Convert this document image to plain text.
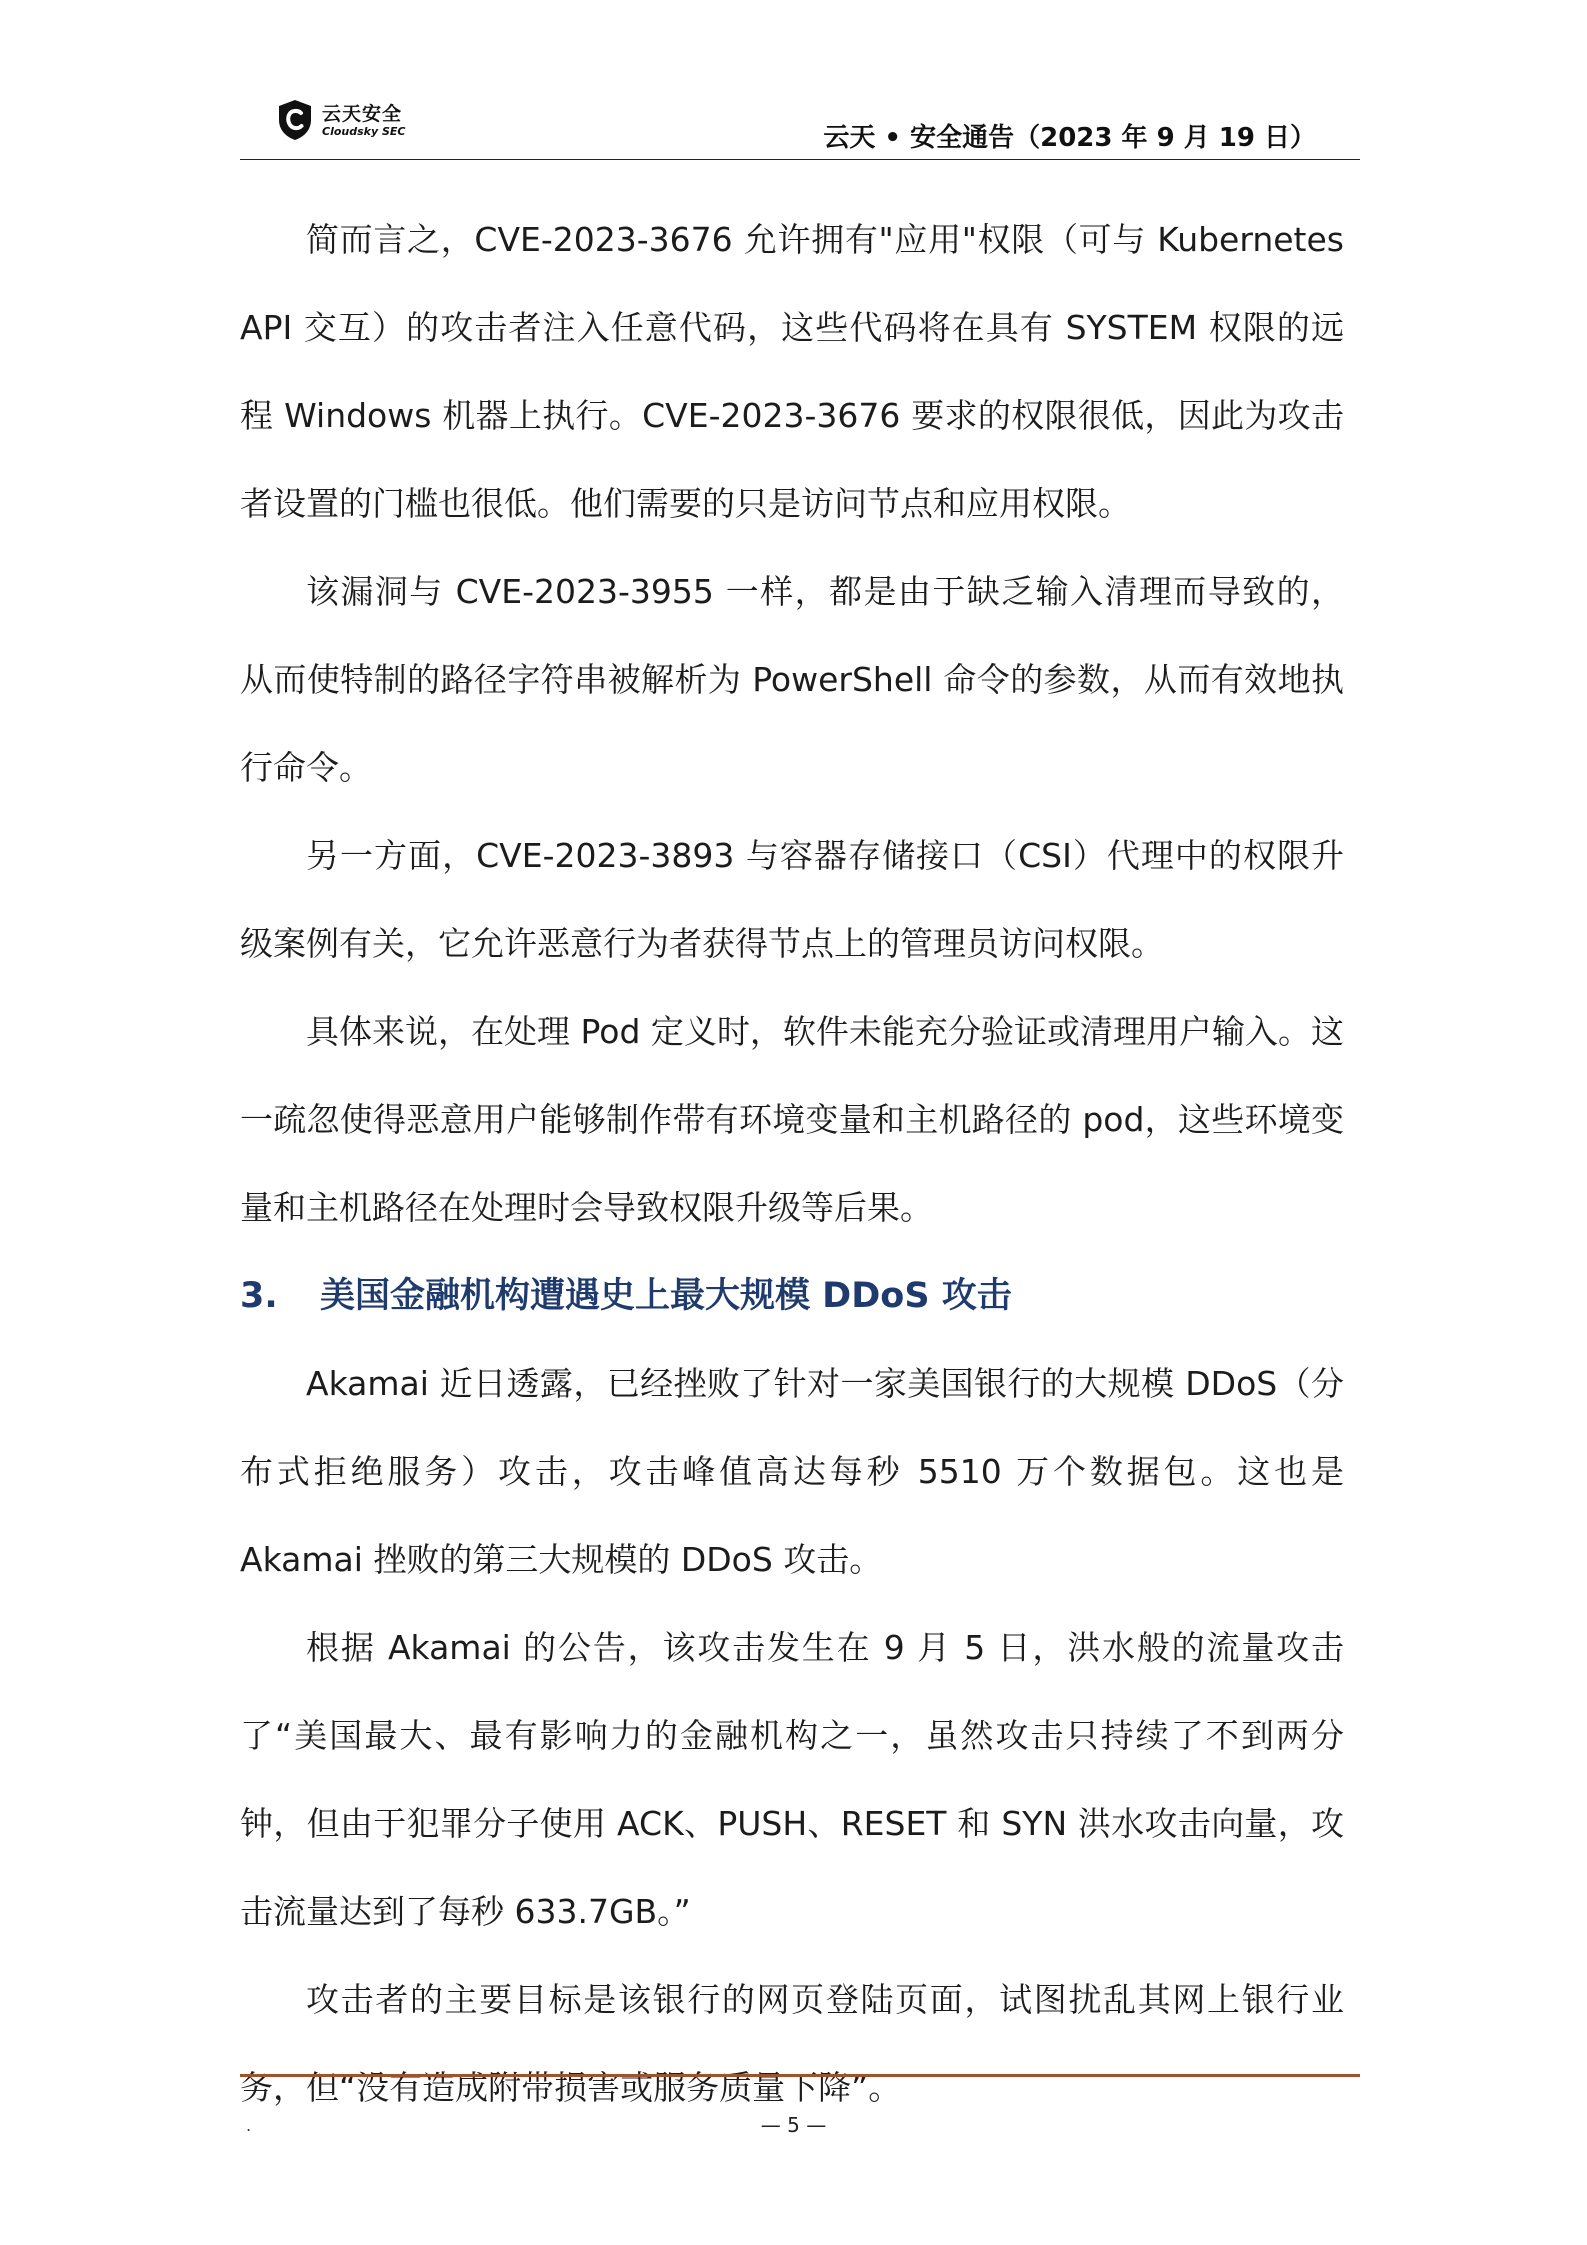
云天安全
Cloudsky SEC	云天 • 安全通告（2023 年 9 月 19 日）

简而言之，CVE-2023-3676 允许拥有"应用"权限（可与 Kubernetes API 交互）的攻击者注入任意代码，这些代码将在具有 SYSTEM 权限的远程 Windows 机器上执行。CVE-2023-3676 要求的权限很低，因此为攻击者设置的门槛也很低。他们需要的只是访问节点和应用权限。

该漏洞与 CVE-2023-3955 一样，都是由于缺乏输入清理而导致的，从而使特制的路径字符串被解析为 PowerShell 命令的参数，从而有效地执行命令。

另一方面，CVE-2023-3893 与容器存储接口（CSI）代理中的权限升级案例有关，它允许恶意行为者获得节点上的管理员访问权限。

具体来说，在处理 Pod 定义时，软件未能充分验证或清理用户输入。这一疏忽使得恶意用户能够制作带有环境变量和主机路径的 pod，这些环境变量和主机路径在处理时会导致权限升级等后果。

3. 美国金融机构遭遇史上最大规模 DDoS 攻击

Akamai 近日透露，已经挫败了针对一家美国银行的大规模 DDoS（分布式拒绝服务）攻击，攻击峰值高达每秒 5510 万个数据包。这也是 Akamai 挫败的第三大规模的 DDoS 攻击。

根据 Akamai 的公告，该攻击发生在 9 月 5 日，洪水般的流量攻击了“美国最大、最有影响力的金融机构之一，虽然攻击只持续了不到两分钟，但由于犯罪分子使用 ACK、PUSH、RESET 和 SYN 洪水攻击向量，攻击流量达到了每秒 633.7GB。”

攻击者的主要目标是该银行的网页登陆页面，试图扰乱其网上银行业务，但“没有造成附带损害或服务质量下降”。

.	— 5 —
